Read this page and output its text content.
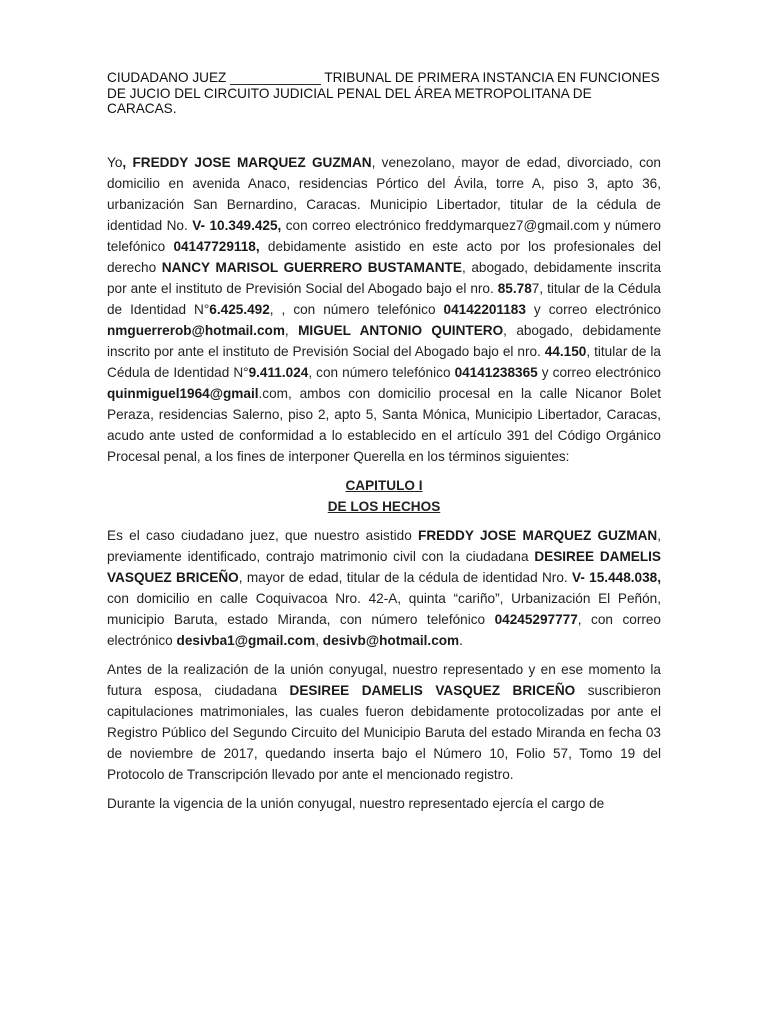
CIUDADANO JUEZ ____________ TRIBUNAL DE PRIMERA INSTANCIA EN FUNCIONES DE JUCIO DEL CIRCUITO JUDICIAL PENAL DEL ÁREA METROPOLITANA DE CARACAS.

Yo, FREDDY JOSE MARQUEZ GUZMAN, venezolano, mayor de edad, divorciado, con domicilio en avenida Anaco, residencias Pórtico del Ávila, torre A, piso 3, apto 36, urbanización San Bernardino, Caracas. Municipio Libertador, titular de la cédula de identidad No. V- 10.349.425, con correo electrónico freddymarquez7@gmail.com y número telefónico 04147729118, debidamente asistido en este acto por los profesionales del derecho NANCY MARISOL GUERRERO BUSTAMANTE, abogado, debidamente inscrita por ante el instituto de Previsión Social del Abogado bajo el nro. 85.787, titular de la Cédula de Identidad N°6.425.492, , con número telefónico 04142201183 y correo electrónico nmguerrerob@hotmail.com, MIGUEL ANTONIO QUINTERO, abogado, debidamente inscrito por ante el instituto de Previsión Social del Abogado bajo el nro. 44.150, titular de la Cédula de Identidad N°9.411.024, con número telefónico 04141238365 y correo electrónico quinmiguel1964@gmail.com, ambos con domicilio procesal en la calle Nicanor Bolet Peraza, residencias Salerno, piso 2, apto 5, Santa Mónica, Municipio Libertador, Caracas, acudo ante usted de conformidad a lo establecido en el artículo 391 del Código Orgánico Procesal penal, a los fines de interponer Querella en los términos siguientes:

CAPITULO I

DE LOS HECHOS

Es el caso ciudadano juez, que nuestro asistido FREDDY JOSE MARQUEZ GUZMAN, previamente identificado, contrajo matrimonio civil con la ciudadana DESIREE DAMELIS VASQUEZ BRICEÑO, mayor de edad, titular de la cédula de identidad Nro. V- 15.448.038, con domicilio en calle Coquivacoa Nro. 42-A, quinta “cariño”, Urbanización El Peñón, municipio Baruta, estado Miranda, con número telefónico 04245297777, con correo electrónico desivba1@gmail.com, desivb@hotmail.com.

Antes de la realización de la unión conyugal, nuestro representado y en ese momento la futura esposa, ciudadana DESIREE DAMELIS VASQUEZ BRICEÑO suscribieron capitulaciones matrimoniales, las cuales fueron debidamente protocolizadas por ante el Registro Público del Segundo Circuito del Municipio Baruta del estado Miranda en fecha 03 de noviembre de 2017, quedando inserta bajo el Número 10, Folio 57, Tomo 19 del Protocolo de Transcripción llevado por ante el mencionado registro.

Durante la vigencia de la unión conyugal, nuestro representado ejercía el cargo de
